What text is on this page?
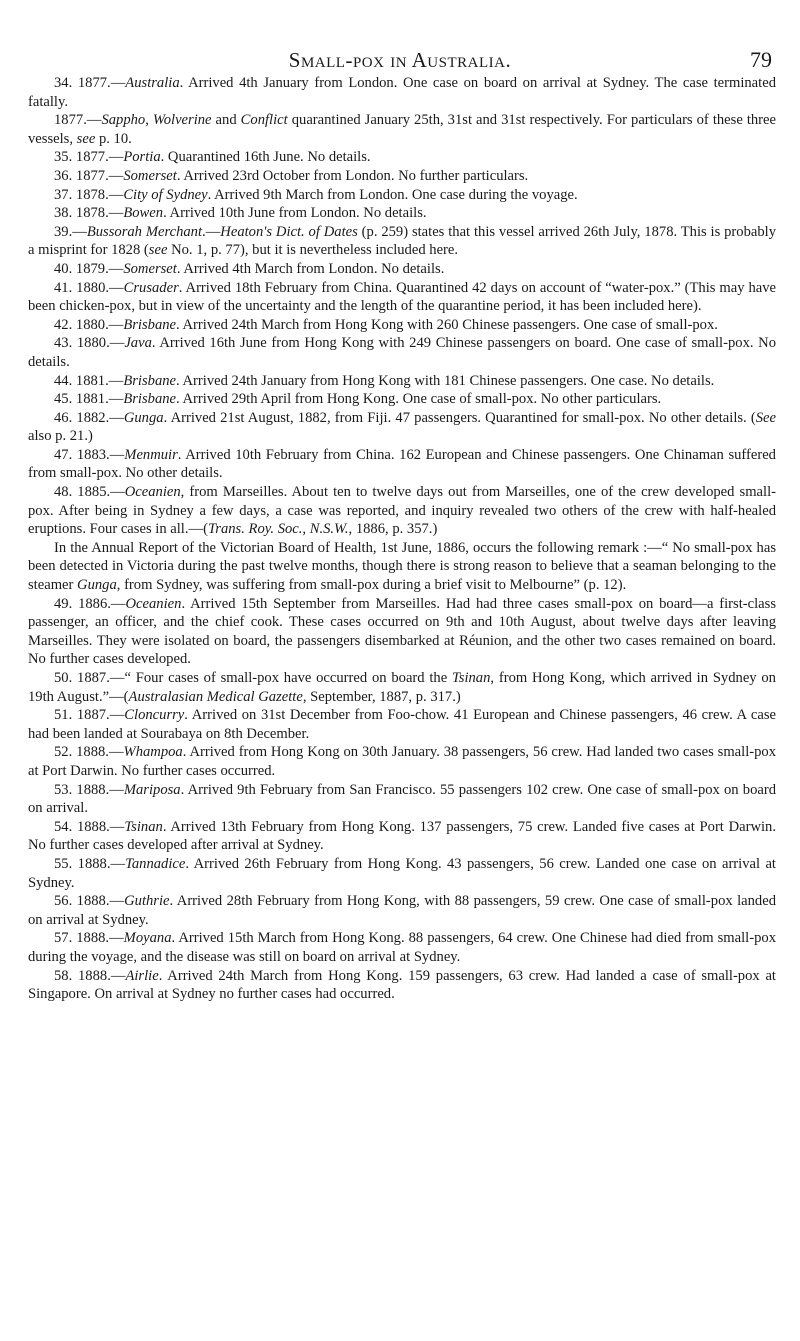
Small-pox in Australia.	79

34. 1877.—Australia. Arrived 4th January from London. One case on board on arrival at Sydney. The case terminated fatally.

1877.—Sappho, Wolverine and Conflict quarantined January 25th, 31st and 31st respectively. For particulars of these three vessels, see p. 10.

35. 1877.—Portia. Quarantined 16th June. No details.

36. 1877.—Somerset. Arrived 23rd October from London. No further particulars.

37. 1878.—City of Sydney. Arrived 9th March from London. One case during the voyage.

38. 1878.—Bowen. Arrived 10th June from London. No details.

39.—Bussorah Merchant.—Heaton's Dict. of Dates (p. 259) states that this vessel arrived 26th July, 1878. This is probably a misprint for 1828 (see No. 1, p. 77), but it is nevertheless included here.

40. 1879.—Somerset. Arrived 4th March from London. No details.

41. 1880.—Crusader. Arrived 18th February from China. Quarantined 42 days on account of “water-pox.” (This may have been chicken-pox, but in view of the uncertainty and the length of the quarantine period, it has been included here).

42. 1880.—Brisbane. Arrived 24th March from Hong Kong with 260 Chinese passengers. One case of small-pox.

43. 1880.—Java. Arrived 16th June from Hong Kong with 249 Chinese passengers on board. One case of small-pox. No details.

44. 1881.—Brisbane. Arrived 24th January from Hong Kong with 181 Chinese passengers. One case. No details.

45. 1881.—Brisbane. Arrived 29th April from Hong Kong. One case of small-pox. No other particulars.

46. 1882.—Gunga. Arrived 21st August, 1882, from Fiji. 47 passengers. Quarantined for small-pox. No other details. (See also p. 21.)

47. 1883.—Menmuir. Arrived 10th February from China. 162 European and Chinese passengers. One Chinaman suffered from small-pox. No other details.

48. 1885.—Oceanien, from Marseilles. About ten to twelve days out from Marseilles, one of the crew developed small-pox. After being in Sydney a few days, a case was reported, and inquiry revealed two others of the crew with half-healed eruptions. Four cases in all.—(Trans. Roy. Soc., N.S.W., 1886, p. 357.)

In the Annual Report of the Victorian Board of Health, 1st June, 1886, occurs the following remark :—“ No small-pox has been detected in Victoria during the past twelve months, though there is strong reason to believe that a seaman belonging to the steamer Gunga, from Sydney, was suffering from small-pox during a brief visit to Melbourne” (p. 12).

49. 1886.—Oceanien. Arrived 15th September from Marseilles. Had had three cases small-pox on board—a first-class passenger, an officer, and the chief cook. These cases occurred on 9th and 10th August, about twelve days after leaving Marseilles. They were isolated on board, the passengers disembarked at Réunion, and the other two cases remained on board. No further cases developed.

50. 1887.—“ Four cases of small-pox have occurred on board the Tsinan, from Hong Kong, which arrived in Sydney on 19th August.”—(Australasian Medical Gazette, September, 1887, p. 317.)

51. 1887.—Cloncurry. Arrived on 31st December from Foo-chow. 41 European and Chinese passengers, 46 crew. A case had been landed at Sourabaya on 8th December.

52. 1888.—Whampoa. Arrived from Hong Kong on 30th January. 38 passengers, 56 crew. Had landed two cases small-pox at Port Darwin. No further cases occurred.

53. 1888.—Mariposa. Arrived 9th February from San Francisco. 55 passengers 102 crew. One case of small-pox on board on arrival.

54. 1888.—Tsinan. Arrived 13th February from Hong Kong. 137 passengers, 75 crew. Landed five cases at Port Darwin. No further cases developed after arrival at Sydney.

55. 1888.—Tannadice. Arrived 26th February from Hong Kong. 43 passengers, 56 crew. Landed one case on arrival at Sydney.

56. 1888.—Guthrie. Arrived 28th February from Hong Kong, with 88 passengers, 59 crew. One case of small-pox landed on arrival at Sydney.

57. 1888.—Moyana. Arrived 15th March from Hong Kong. 88 passengers, 64 crew. One Chinese had died from small-pox during the voyage, and the disease was still on board on arrival at Sydney.

58. 1888.—Airlie. Arrived 24th March from Hong Kong. 159 passengers, 63 crew. Had landed a case of small-pox at Singapore. On arrival at Sydney no further cases had occurred.
